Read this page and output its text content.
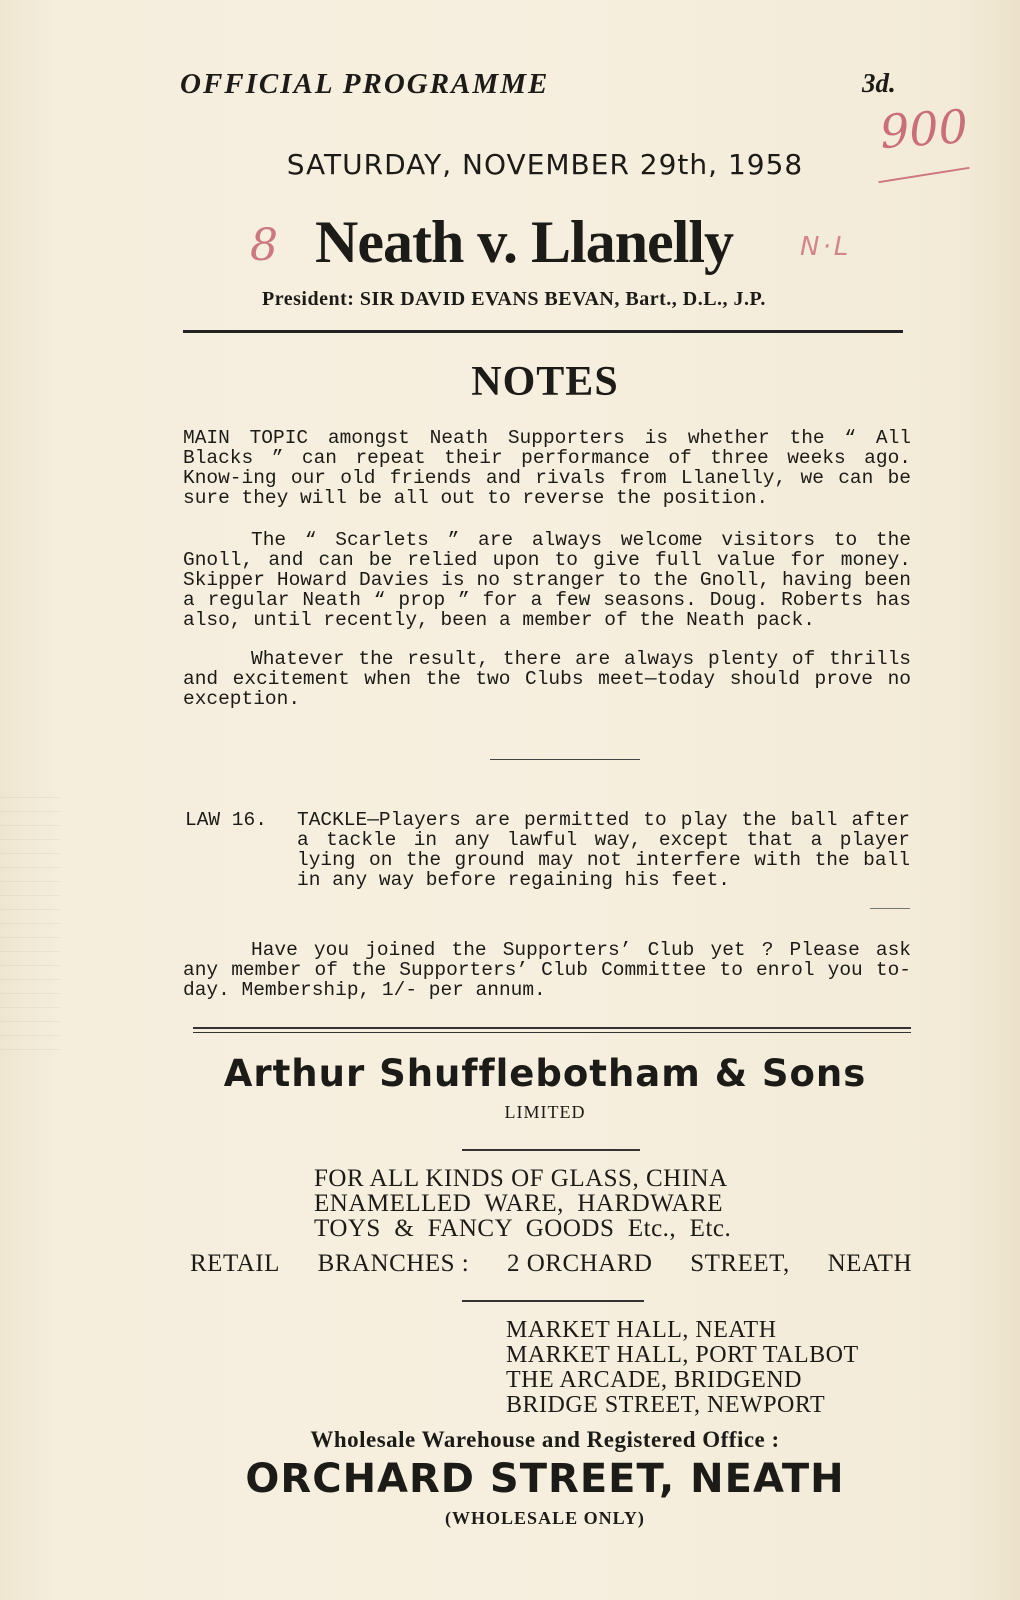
OFFICIAL PROGRAMME	3d.
900
SATURDAY, NOVEMBER 29th, 1958
8 Neath v. Llanelly	N·L
President: SIR DAVID EVANS BEVAN, Bart., D.L., J.P.
NOTES
MAIN TOPIC amongst Neath Supporters is whether the “ All Blacks ” can repeat their performance of three weeks ago. Know-ing our old friends and rivals from Llanelly, we can be sure they will be all out to reverse the position.
The “ Scarlets ” are always welcome visitors to the Gnoll, and can be relied upon to give full value for money. Skipper Howard Davies is no stranger to the Gnoll, having been a regular Neath “ prop ” for a few seasons. Doug. Roberts has also, until recently, been a member of the Neath pack.
Whatever the result, there are always plenty of thrills and excitement when the two Clubs meet—today should prove no exception.
LAW 16. TACKLE—Players are permitted to play the ball after a tackle in any lawful way, except that a player lying on the ground may not interfere with the ball in any way before regaining his feet.
Have you joined the Supporters’ Club yet ? Please ask any member of the Supporters’ Club Committee to enrol you to-day. Membership, 1/- per annum.
Arthur Shufflebotham & Sons
LIMITED
FOR ALL KINDS OF GLASS, CHINA
ENAMELLED  WARE,  HARDWARE
TOYS  &  FANCY  GOODS  Etc.,  Etc.
RETAIL BRANCHES : 2 ORCHARD STREET, NEATH
MARKET HALL, NEATH
MARKET HALL, PORT TALBOT
THE ARCADE, BRIDGEND
BRIDGE STREET, NEWPORT
Wholesale Warehouse and Registered Office :
ORCHARD STREET, NEATH
(WHOLESALE ONLY)
